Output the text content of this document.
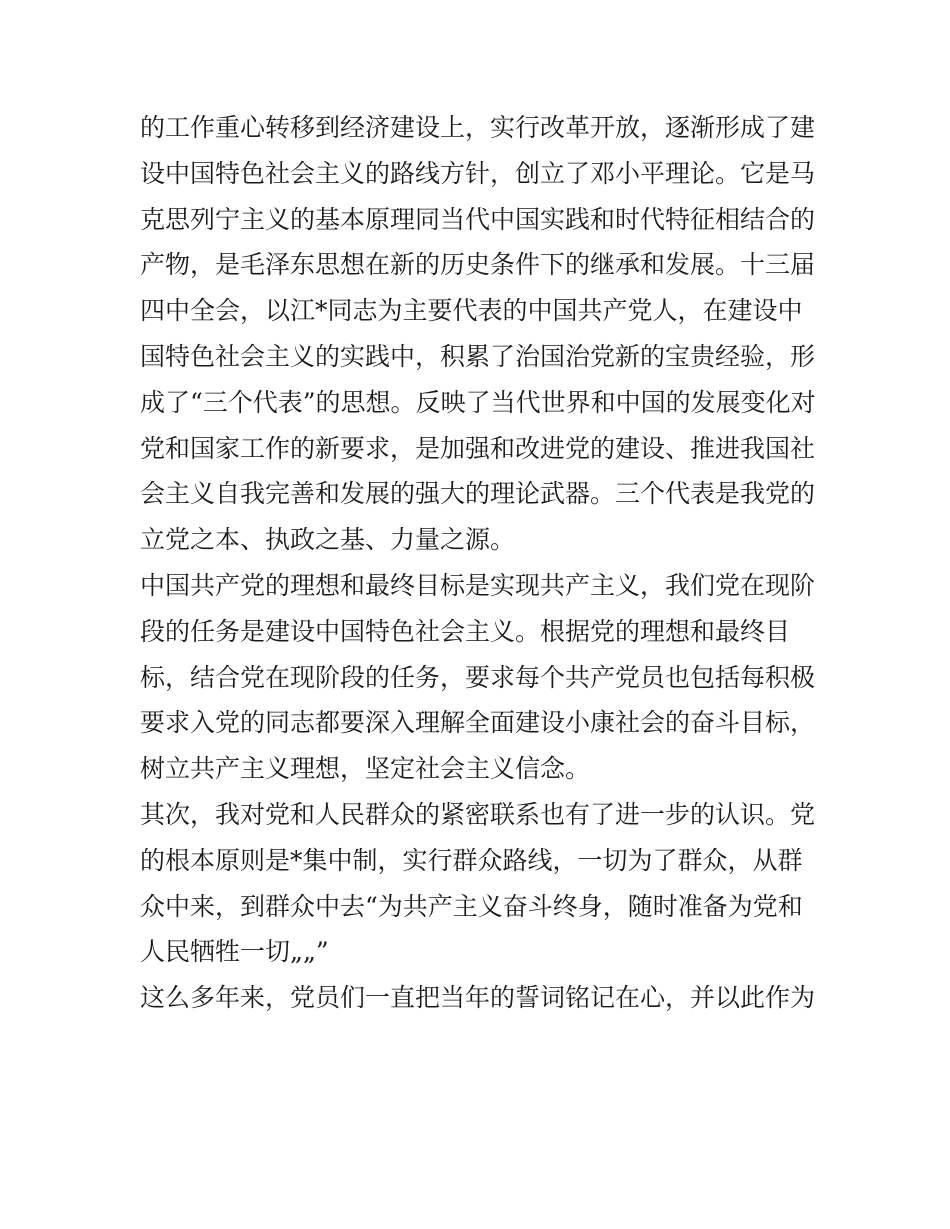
的工作重心转移到经济建设上，实行改革开放，逐渐形成了建
设中国特色社会主义的路线方针，创立了邓小平理论。它是马
克思列宁主义的基本原理同当代中国实践和时代特征相结合的
产物，是毛泽东思想在新的历史条件下的继承和发展。十三届
四中全会，以江*同志为主要代表的中国共产党人，在建设中
国特色社会主义的实践中，积累了治国治党新的宝贵经验，形
成了“三个代表”的思想。反映了当代世界和中国的发展变化对
党和国家工作的新要求，是加强和改进党的建设、推进我国社
会主义自我完善和发展的强大的理论武器。三个代表是我党的
立党之本、执政之基、力量之源。
中国共产党的理想和最终目标是实现共产主义，我们党在现阶
段的任务是建设中国特色社会主义。根据党的理想和最终目
标，结合党在现阶段的任务，要求每个共产党员也包括每积极
要求入党的同志都要深入理解全面建设小康社会的奋斗目标，
树立共产主义理想，坚定社会主义信念。
其次，我对党和人民群众的紧密联系也有了进一步的认识。党
的根本原则是*集中制，实行群众路线，一切为了群众，从群
众中来，到群众中去“为共产主义奋斗终身，随时准备为党和
人民牺牲一切„„”
这么多年来，党员们一直把当年的誓词铭记在心，并以此作为
